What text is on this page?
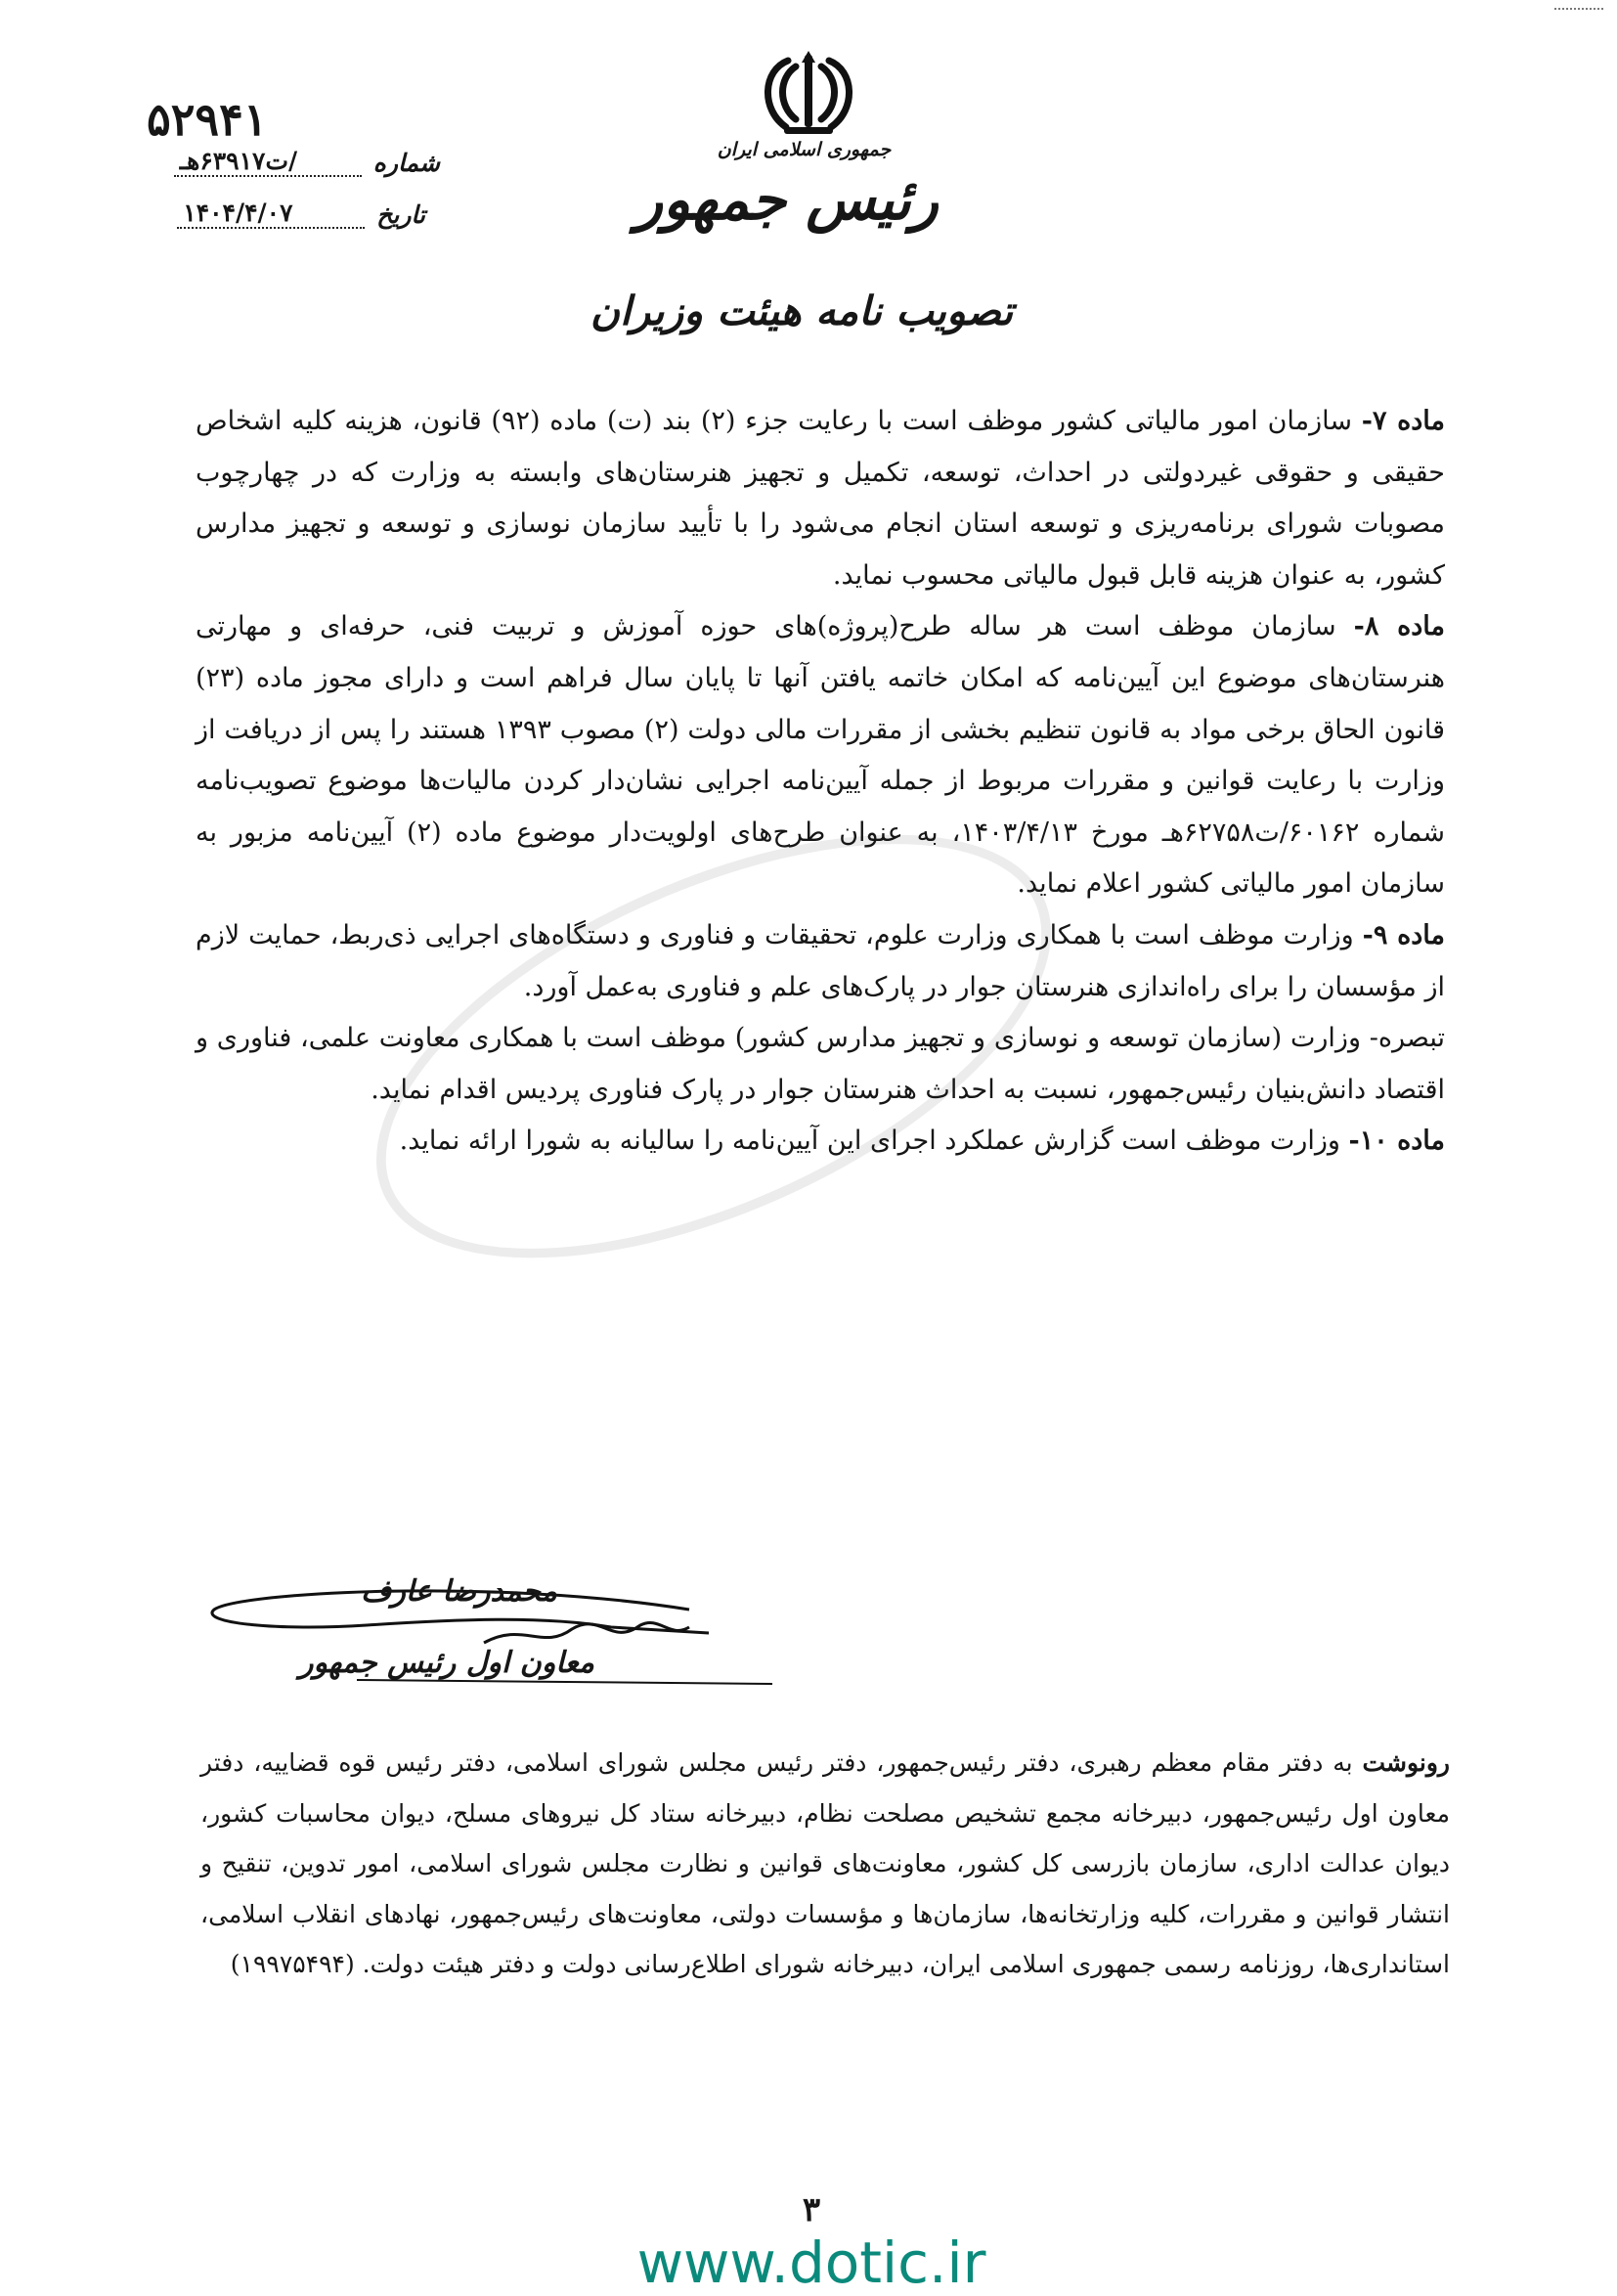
جمهوری اسلامی ایران
رئیس جمهور
تصویب نامه هیئت وزیران
۵۲۹۴۱
شماره
ت۶۳۹۱۷هـ/
تاریخ
۱۴۰۴/۴/۰۷

ماده ۷- سازمان امور مالیاتی کشور موظف است با رعایت جزء (۲) بند (ت) ماده (۹۲) قانون، هزینه کلیه اشخاص حقیقی و حقوقی غیردولتی در احداث، توسعه، تکمیل و تجهیز هنرستان‌های وابسته به وزارت که در چهارچوب مصوبات شورای برنامه‌ریزی و توسعه استان انجام می‌شود را با تأیید سازمان نوسازی و توسعه و تجهیز مدارس کشور، به عنوان هزینه قابل قبول مالیاتی محسوب نماید.

ماده ۸- سازمان موظف است هر ساله طرح(پروژه)های حوزه آموزش و تربیت فنی، حرفه‌ای و مهارتی هنرستان‌های موضوع این آیین‌نامه که امکان خاتمه یافتن آنها تا پایان سال فراهم است و دارای مجوز ماده (۲۳) قانون الحاق برخی مواد به قانون تنظیم بخشی از مقررات مالی دولت (۲) مصوب ۱۳۹۳ هستند را پس از دریافت از وزارت با رعایت قوانین و مقررات مربوط از جمله آیین‌نامه اجرایی نشان‌دار کردن مالیات‌ها موضوع تصویب‌نامه شماره ۶۰۱۶۲/ت۶۲۷۵۸هـ مورخ ۱۴۰۳/۴/۱۳، به عنوان طرح‌های اولویت‌دار موضوع ماده (۲) آیین‌نامه مزبور به سازمان امور مالیاتی کشور اعلام نماید.

ماده ۹- وزارت موظف است با همکاری وزارت علوم، تحقیقات و فناوری و دستگاه‌های اجرایی ذی‌ربط، حمایت لازم از مؤسسان را برای راه‌اندازی هنرستان جوار در پارک‌های علم و فناوری به‌عمل آورد.

تبصره- وزارت (سازمان توسعه و نوسازی و تجهیز مدارس کشور) موظف است با همکاری معاونت علمی، فناوری و اقتصاد دانش‌بنیان رئیس‌جمهور، نسبت به احداث هنرستان جوار در پارک فناوری پردیس اقدام نماید.

ماده ۱۰- وزارت موظف است گزارش عملکرد اجرای این آیین‌نامه را سالیانه به شورا ارائه نماید.

محمدرضا عارف
معاون اول رئیس جمهور
رونوشت به دفتر مقام معظم رهبری، دفتر رئیس‌جمهور، دفتر رئیس مجلس شورای اسلامی، دفتر رئیس قوه قضاییه، دفتر معاون اول رئیس‌جمهور، دبیرخانه مجمع تشخیص مصلحت نظام، دبیرخانه ستاد کل نیروهای مسلح، دیوان محاسبات کشور، دیوان عدالت اداری، سازمان بازرسی کل کشور، معاونت‌های قوانین و نظارت مجلس شورای اسلامی، امور تدوین، تنقیح و انتشار قوانین و مقررات، کلیه وزارتخانه‌ها، سازمان‌ها و مؤسسات دولتی، معاونت‌های رئیس‌جمهور، نهادهای انقلاب اسلامی، استانداری‌ها، روزنامه رسمی جمهوری اسلامی ایران، دبیرخانه شورای اطلاع‌رسانی دولت و دفتر هیئت دولت. (۱۹۹۷۵۴۹۴)
۳
www.dotic.ir
